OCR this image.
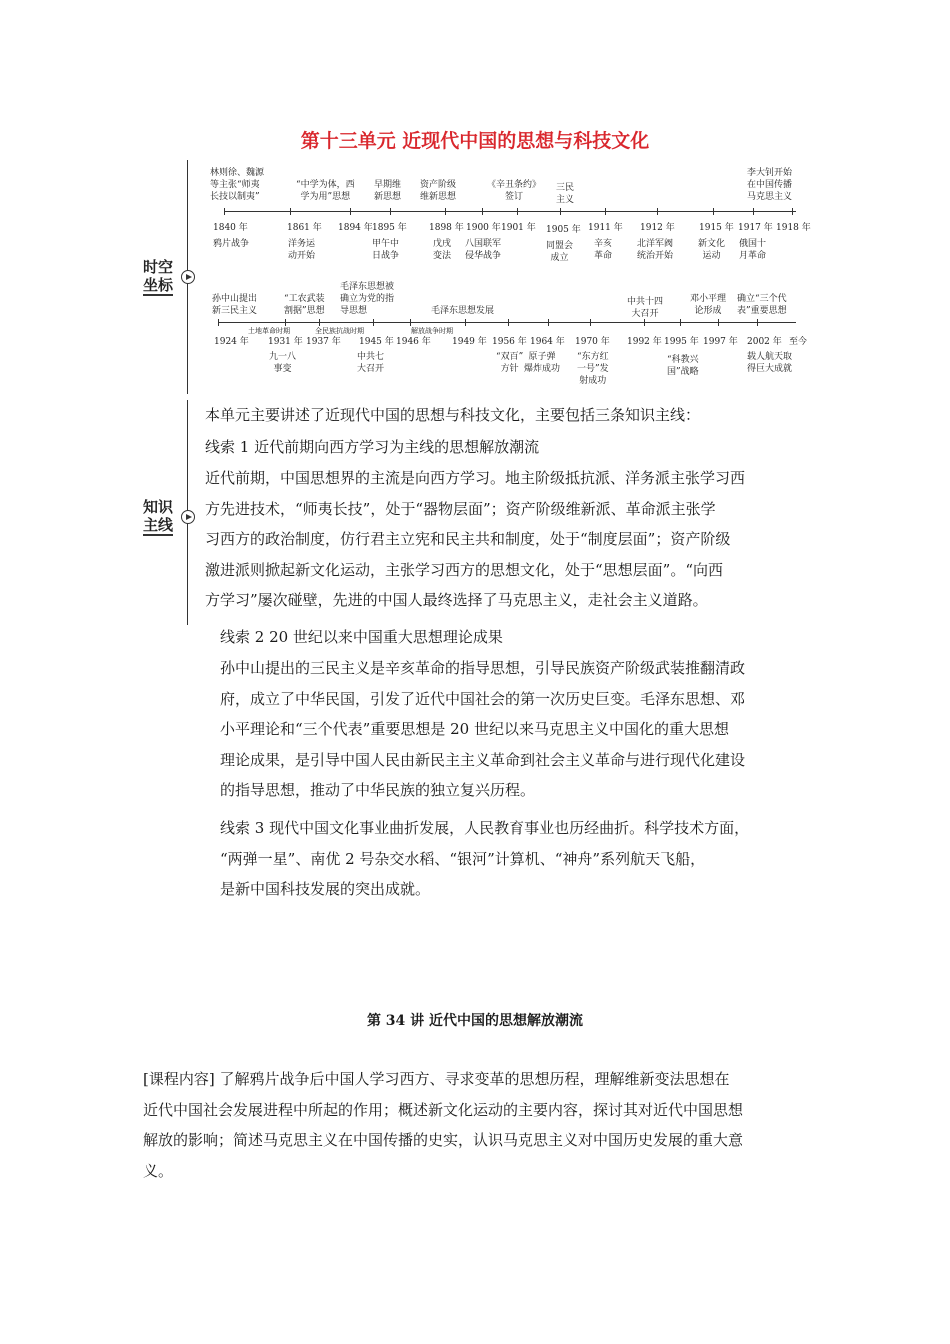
第十三单元 近现代中国的思想与科技文化
时空
坐标
知识
主线
林则徐、魏源
等主张“师夷
长技以制夷”
“中学为体，西
学为用”思想
早期维
新思想
资产阶级
维新思想
《辛丑条约》
签订
三民
主义
李大钊开始
在中国传播
马克思主义
1840 年	1861 年 1894 年 1895 年 1898 年 1900 年 1901 年 1905 年 1911 年 1912 年	1915 年 1917 年 1918 年
鸦片战争	洋务运
动开始
甲午中
日战争
戊戌
变法
八国联军
侵华战争
同盟会
成立
辛亥
革命
北洋军阀
统治开始
新文化
运动
俄国十
月革命
孙中山提出
新三民主义
“工农武装
割据”思想
毛泽东思想被
确立为党的指
导思想	毛泽东思想发展
中共十四
大召开
邓小平理
论形成
确立“三个代
表”重要思想
土地革命时期	全民族抗战时期	解放战争时期
1924 年 1931 年 1937 年 1945 年 1946 年 1949 年 1956 年 1964 年 1970 年 1992 年 1995 年 1997 年 2002 年 至今
九一八
事变
中共七
大召开
“双百”
方针
原子弹
爆炸成功
“东方红
一号”发
射成功
“科教兴
国”战略
载人航天取
得巨大成就
本单元主要讲述了近现代中国的思想与科技文化，主要包括三条知识主线：
线索 1 近代前期向西方学习为主线的思想解放潮流
近代前期，中国思想界的主流是向西方学习。地主阶级抵抗派、洋务派主张学习西
方先进技术，“师夷长技”，处于“器物层面”；资产阶级维新派、革命派主张学
习西方的政治制度，仿行君主立宪和民主共和制度，处于“制度层面”；资产阶级
激进派则掀起新文化运动，主张学习西方的思想文化，处于“思想层面”。“向西
方学习”屡次碰壁，先进的中国人最终选择了马克思主义，走社会主义道路。
线索 2 20 世纪以来中国重大思想理论成果
孙中山提出的三民主义是辛亥革命的指导思想，引导民族资产阶级武装推翻清政
府，成立了中华民国，引发了近代中国社会的第一次历史巨变。毛泽东思想、邓
小平理论和“三个代表”重要思想是 20 世纪以来马克思主义中国化的重大思想
理论成果，是引导中国人民由新民主主义革命到社会主义革命与进行现代化建设
的指导思想，推动了中华民族的独立复兴历程。
线索 3 现代中国文化事业曲折发展，人民教育事业也历经曲折。科学技术方面，
“两弹一星”、南优 2 号杂交水稻、“银河”计算机、“神舟”系列航天飞船，
是新中国科技发展的突出成就。
第 34 讲 近代中国的思想解放潮流
[课程内容] 了解鸦片战争后中国人学习西方、寻求变革的思想历程，理解维新变法思想在
近代中国社会发展进程中所起的作用；概述新文化运动的主要内容，探讨其对近代中国思想
解放的影响；简述马克思主义在中国传播的史实，认识马克思主义对中国历史发展的重大意
义。
